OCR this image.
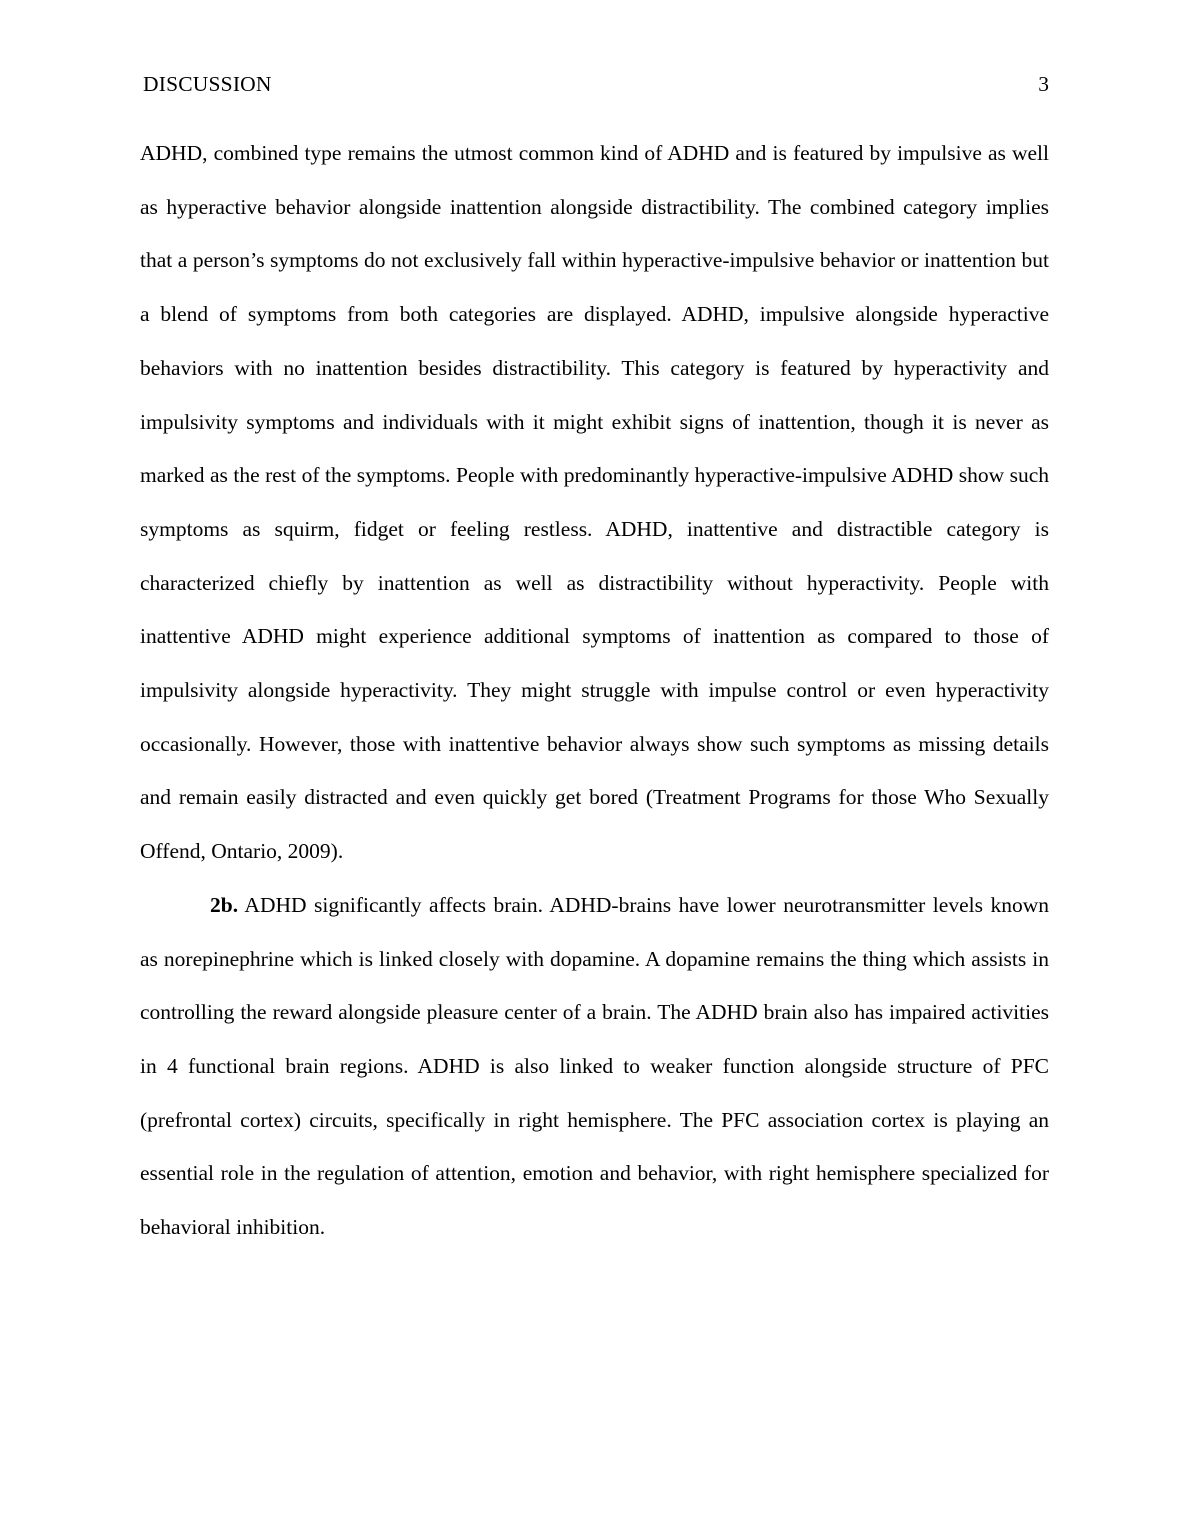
DISCUSSION	3

ADHD, combined type remains the utmost common kind of ADHD and is featured by impulsive as well as hyperactive behavior alongside inattention alongside distractibility. The combined category implies that a person’s symptoms do not exclusively fall within hyperactive-impulsive behavior or inattention but a blend of symptoms from both categories are displayed. ADHD, impulsive alongside hyperactive behaviors with no inattention besides distractibility. This category is featured by hyperactivity and impulsivity symptoms and individuals with it might exhibit signs of inattention, though it is never as marked as the rest of the symptoms. People with predominantly hyperactive-impulsive ADHD show such symptoms as squirm, fidget or feeling restless. ADHD, inattentive and distractible category is characterized chiefly by inattention as well as distractibility without hyperactivity. People with inattentive ADHD might experience additional symptoms of inattention as compared to those of impulsivity alongside hyperactivity. They might struggle with impulse control or even hyperactivity occasionally. However, those with inattentive behavior always show such symptoms as missing details and remain easily distracted and even quickly get bored (Treatment Programs for those Who Sexually Offend, Ontario, 2009).

2b. ADHD significantly affects brain. ADHD-brains have lower neurotransmitter levels known as norepinephrine which is linked closely with dopamine. A dopamine remains the thing which assists in controlling the reward alongside pleasure center of a brain. The ADHD brain also has impaired activities in 4 functional brain regions. ADHD is also linked to weaker function alongside structure of PFC (prefrontal cortex) circuits, specifically in right hemisphere. The PFC association cortex is playing an essential role in the regulation of attention, emotion and behavior, with right hemisphere specialized for behavioral inhibition.
